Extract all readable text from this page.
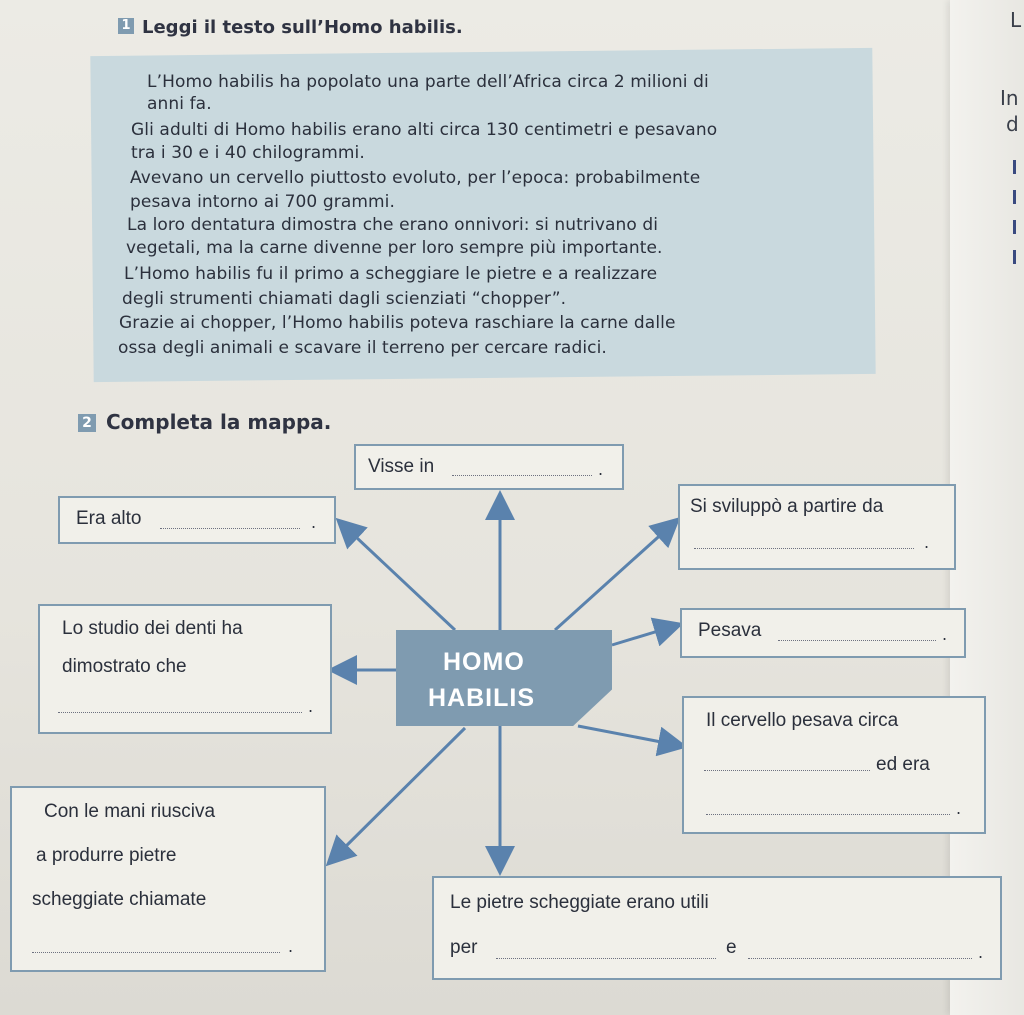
L
In
d
1 Leggi il testo sull’Homo habilis.
L’Homo habilis ha popolato una parte dell’Africa circa 2 milioni di
anni fa.
Gli adulti di Homo habilis erano alti circa 130 centimetri e pesavano
tra i 30 e i 40 chilogrammi.
Avevano un cervello piuttosto evoluto, per l’epoca: probabilmente
pesava intorno ai 700 grammi.
La loro dentatura dimostra che erano onnivori: si nutrivano di
vegetali, ma la carne divenne per loro sempre più importante.
L’Homo habilis fu il primo a scheggiare le pietre e a realizzare
degli strumenti chiamati dagli scienziati “chopper”.
Grazie ai chopper, l’Homo habilis poteva raschiare la carne dalle
ossa degli animali e scavare il terreno per cercare radici.
2 Completa la mappa.
HOMO
HABILIS
Visse in	.
Era alto	.
Si sviluppò a partire da
.
Lo studio dei denti ha
dimostrato che
.
Pesava	.
Il cervello pesava circa
ed era
.
Con le mani riusciva
a produrre pietre
scheggiate chiamate
.
Le pietre scheggiate erano utili
per	e	.
